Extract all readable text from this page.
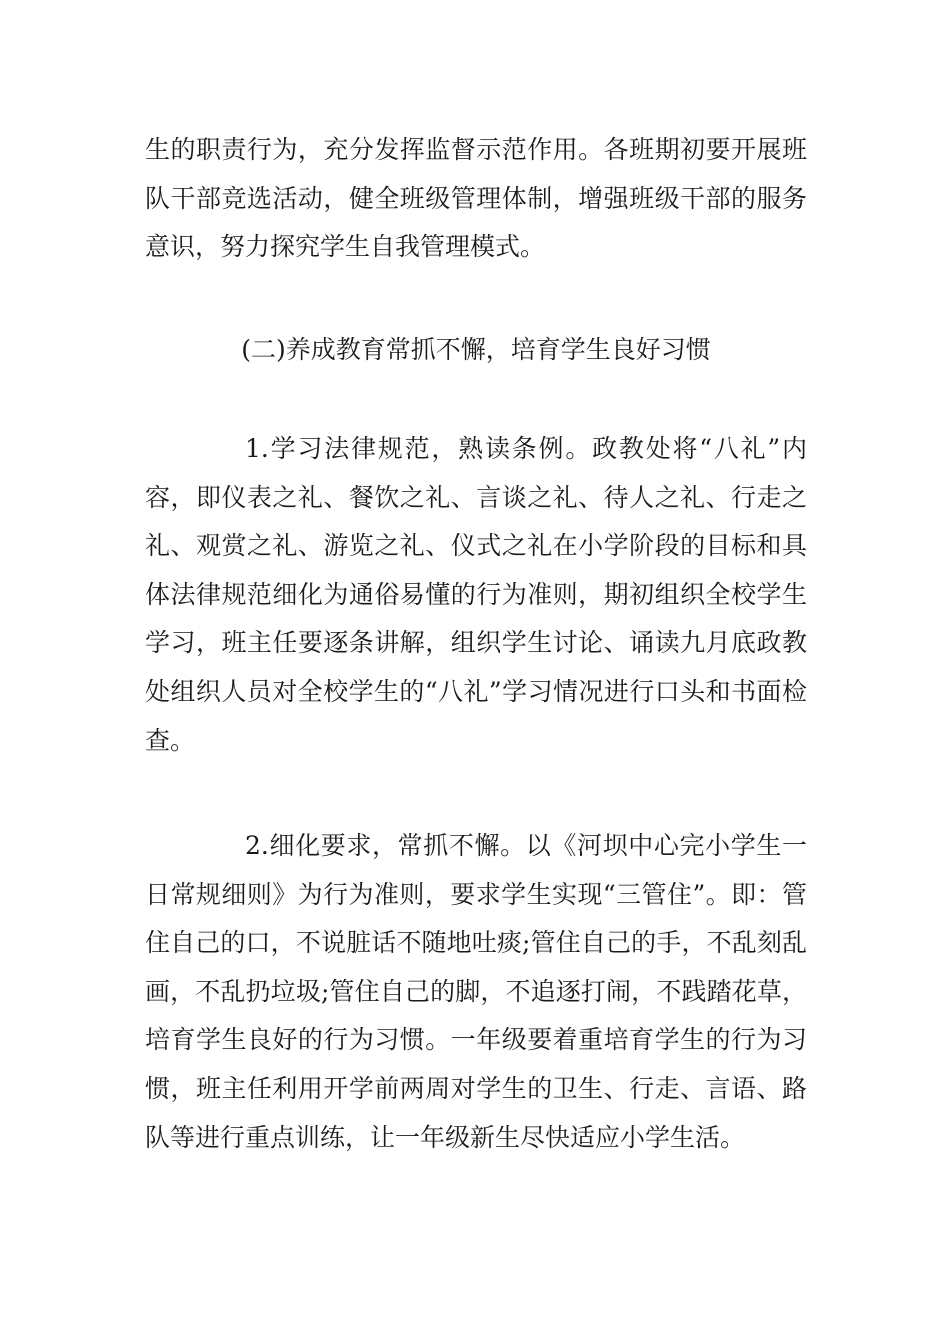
生的职责行为，充分发挥监督示范作用。各班期初要开展班队干部竞选活动，健全班级管理体制，增强班级干部的服务意识，努力探究学生自我管理模式。

(二)养成教育常抓不懈，培育学生良好习惯

1.学习法律规范，熟读条例。政教处将“八礼”内容，即仪表之礼、餐饮之礼、言谈之礼、待人之礼、行走之礼、观赏之礼、游览之礼、仪式之礼在小学阶段的目标和具体法律规范细化为通俗易懂的行为准则，期初组织全校学生学习，班主任要逐条讲解，组织学生讨论、诵读九月底政教处组织人员对全校学生的“八礼”学习情况进行口头和书面检查。

2.细化要求，常抓不懈。以《河坝中心完小学生一日常规细则》为行为准则，要求学生实现“三管住”。即：管住自己的口，不说脏话不随地吐痰;管住自己的手，不乱刻乱画，不乱扔垃圾;管住自己的脚，不追逐打闹，不践踏花草，培育学生良好的行为习惯。一年级要着重培育学生的行为习惯，班主任利用开学前两周对学生的卫生、行走、言语、路队等进行重点训练，让一年级新生尽快适应小学生活。
